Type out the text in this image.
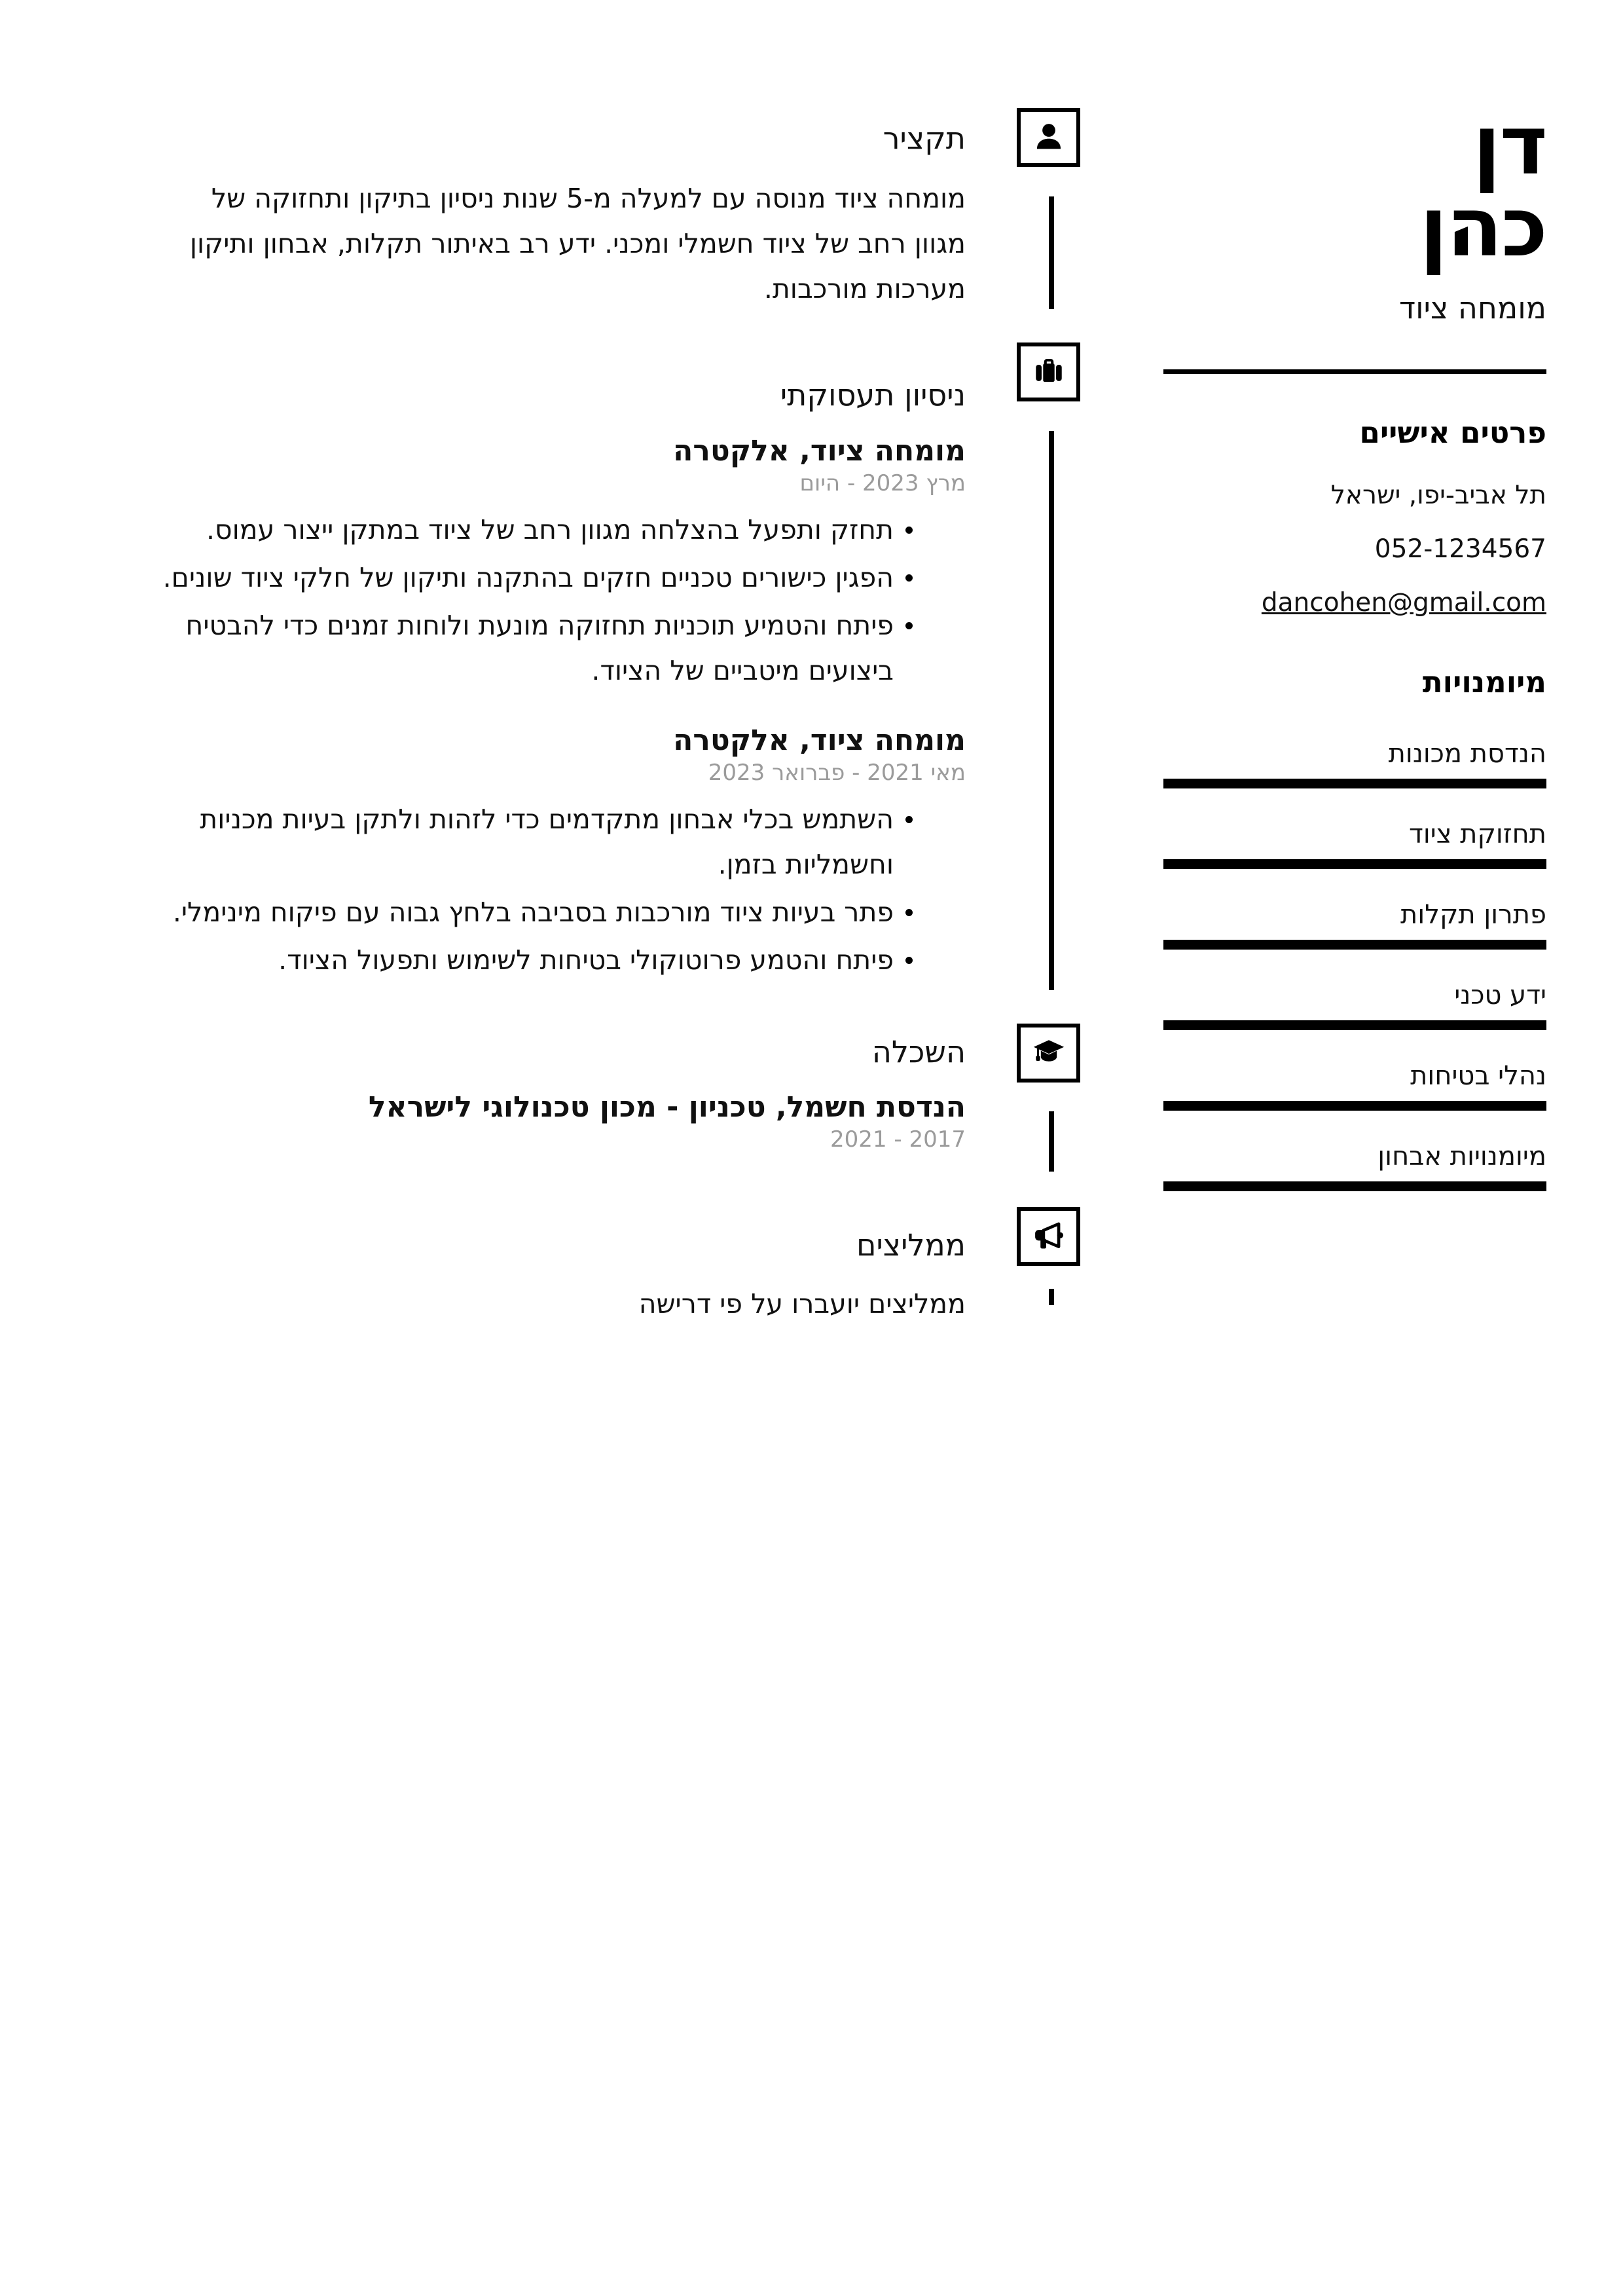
דן
כהן
מומחה ציוד
פרטים אישיים
תל אביב-יפו, ישראל
052-1234567
dancohen@gmail.com
מיומנויות
הנדסת מכונות
תחזוקת ציוד
פתרון תקלות
ידע טכני
נהלי בטיחות
מיומנויות אבחון
תקציר

מומחה ציוד מנוסה עם למעלה מ-5 שנות ניסיון בתיקון ותחזוקה של מגוון רחב של ציוד חשמלי ומכני. ידע רב באיתור תקלות, אבחון ותיקון מערכות מורכבות.

ניסיון תעסוקתי
מומחה ציוד, אלקטרה
מרץ 2023 - היום
תחזק ותפעל בהצלחה מגוון רחב של ציוד במתקן ייצור עמוס.
הפגין כישורים טכניים חזקים בהתקנה ותיקון של חלקי ציוד שונים.
פיתח והטמיע תוכניות תחזוקה מונעת ולוחות זמנים כדי להבטיח ביצועים מיטביים של הציוד.
מומחה ציוד, אלקטרה
מאי 2021 - פברואר 2023
השתמש בכלי אבחון מתקדמים כדי לזהות ולתקן בעיות מכניות וחשמליות בזמן.
פתר בעיות ציוד מורכבות בסביבה בלחץ גבוה עם פיקוח מינימלי.
פיתח והטמע פרוטוקולי בטיחות לשימוש ותפעול הציוד.
השכלה
הנדסת חשמל, טכניון - מכון טכנולוגי לישראל
2017 - 2021
ממליצים

ממליצים יועברו על פי דרישה
